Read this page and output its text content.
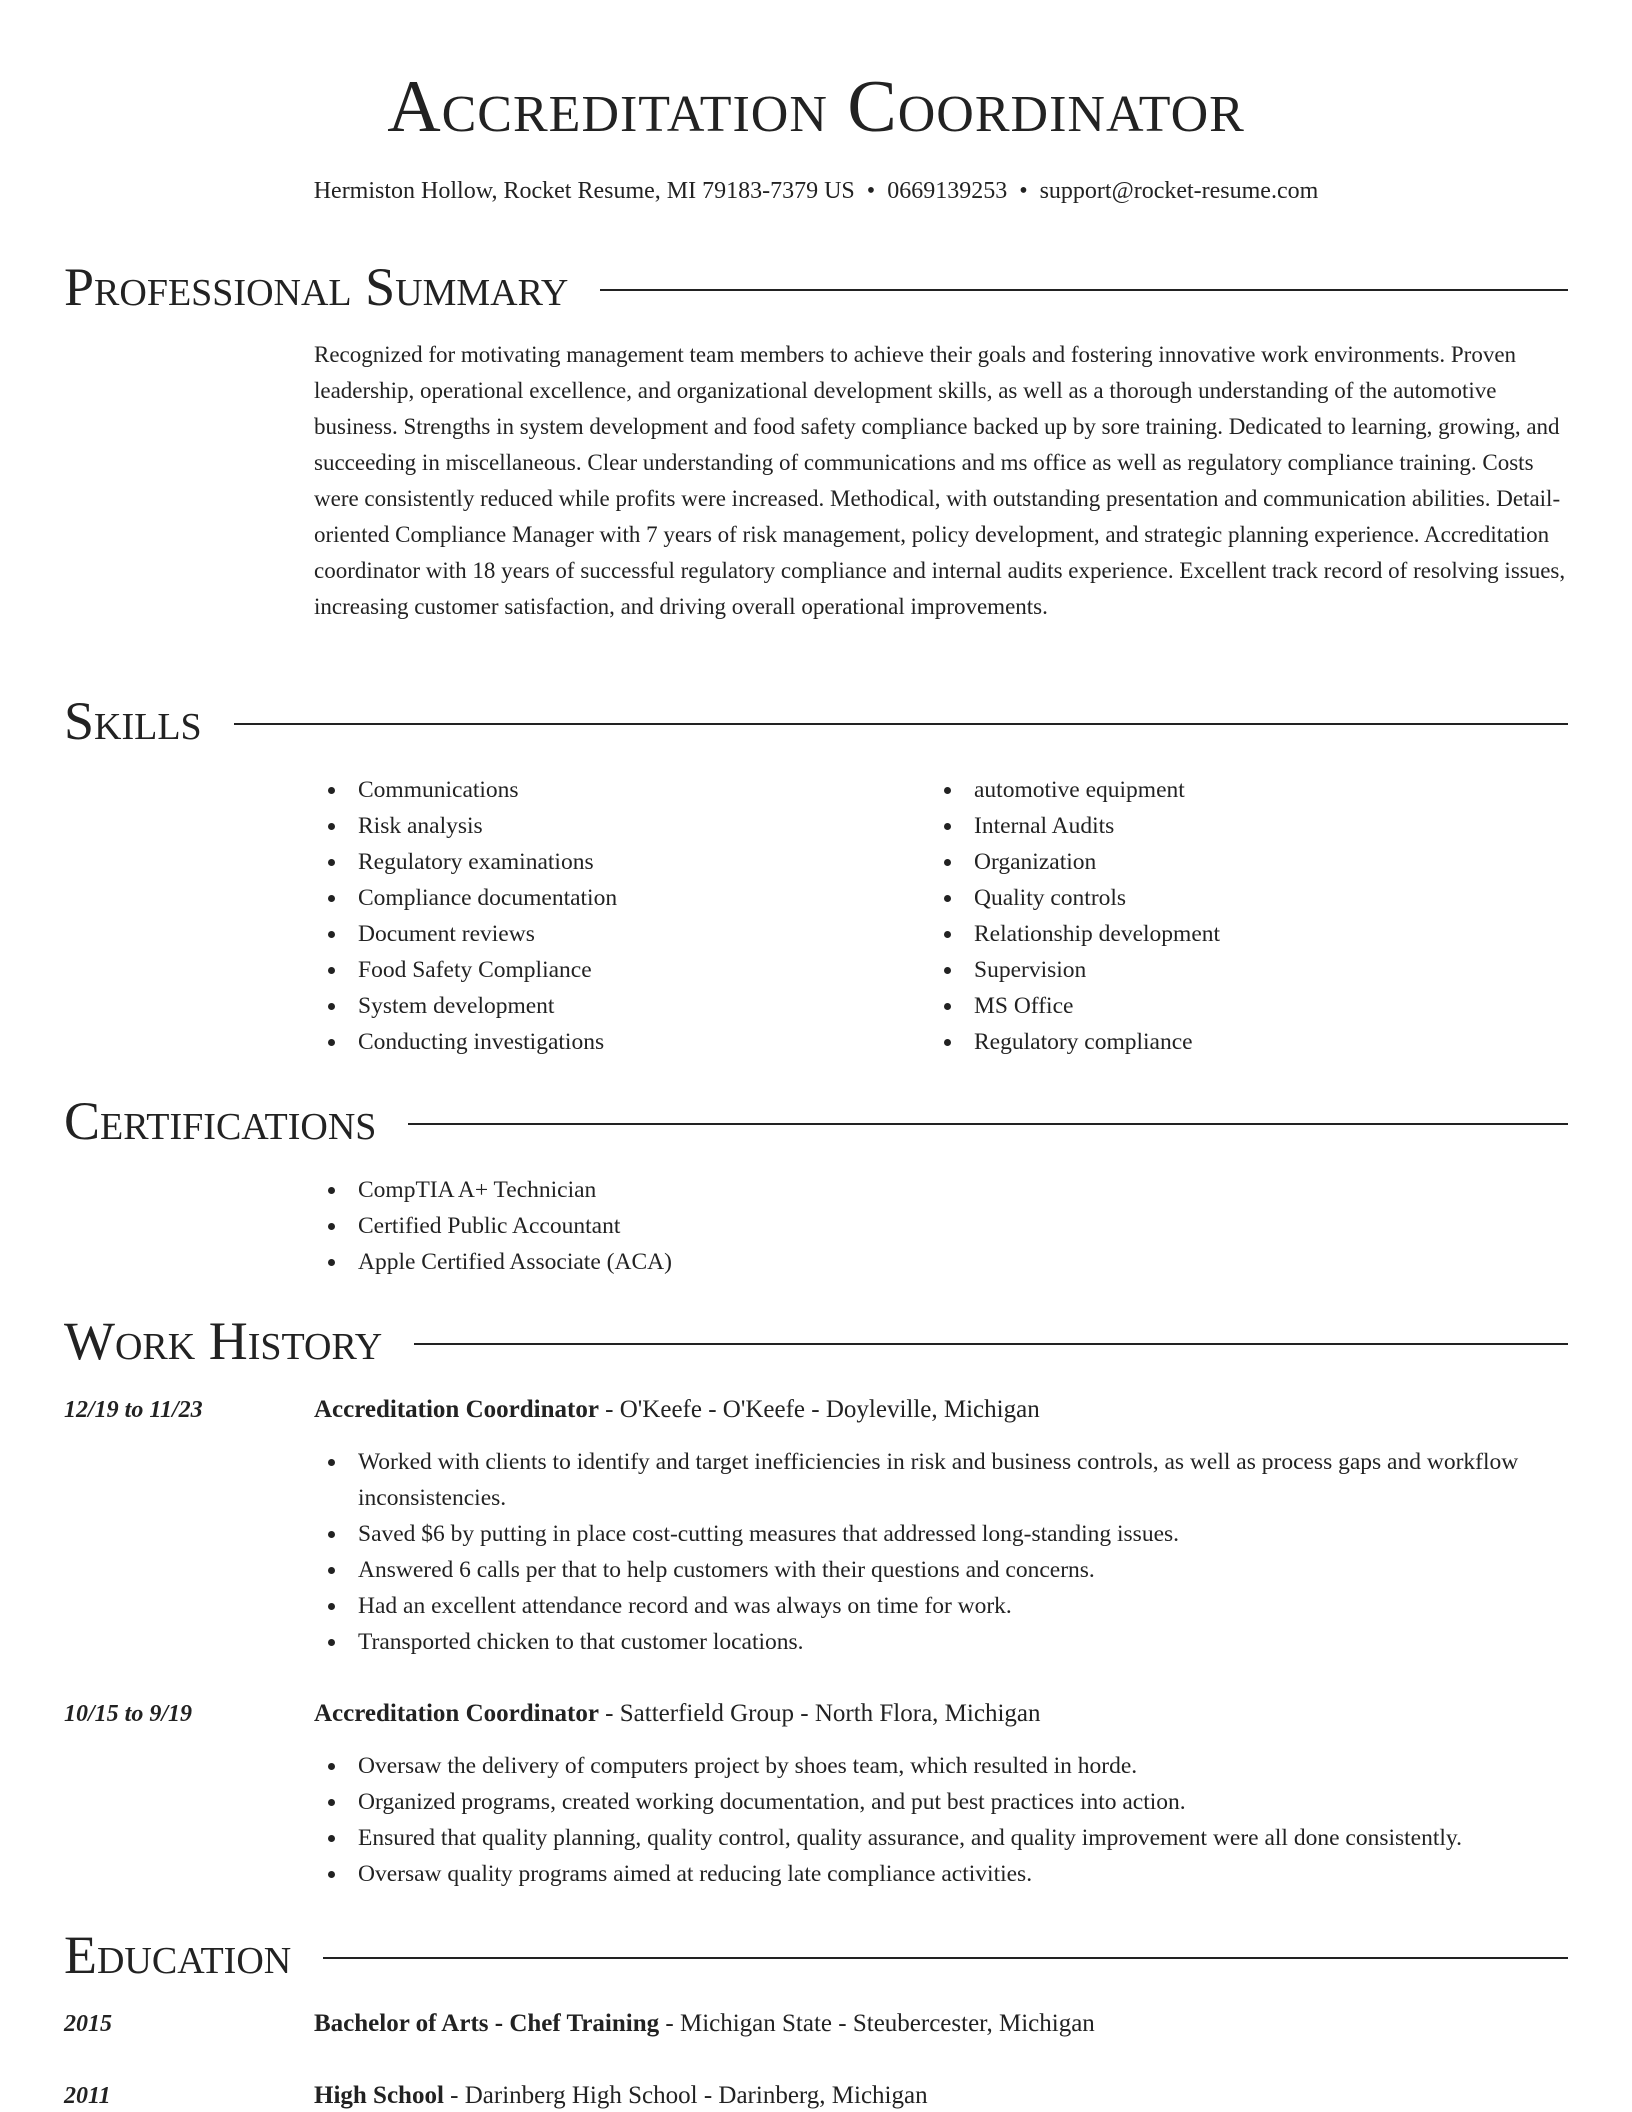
Accreditation Coordinator
Hermiston Hollow, Rocket Resume, MI 79183-7379 US • 0669139253 • support@rocket-resume.com
Professional Summary

Recognized for motivating management team members to achieve their goals and fostering innovative work environments. Proven leadership, operational excellence, and organizational development skills, as well as a thorough understanding of the automotive business. Strengths in system development and food safety compliance backed up by sore training. Dedicated to learning, growing, and succeeding in miscellaneous. Clear understanding of communications and ms office as well as regulatory compliance training. Costs were consistently reduced while profits were increased. Methodical, with outstanding presentation and communication abilities. Detail-oriented Compliance Manager with 7 years of risk management, policy development, and strategic planning experience. Accreditation coordinator with 18 years of successful regulatory compliance and internal audits experience. Excellent track record of resolving issues, increasing customer satisfaction, and driving overall operational improvements.

Skills
Communications
Risk analysis
Regulatory examinations
Compliance documentation
Document reviews
Food Safety Compliance
System development
Conducting investigations
automotive equipment
Internal Audits
Organization
Quality controls
Relationship development
Supervision
MS Office
Regulatory compliance
Certifications
CompTIA A+ Technician
Certified Public Accountant
Apple Certified Associate (ACA)
Work History
12/19 to 11/23	Accreditation Coordinator - O'Keefe - O'Keefe - Doyleville, Michigan
Worked with clients to identify and target inefficiencies in risk and business controls, as well as process gaps and workflow inconsistencies.
Saved $6 by putting in place cost-cutting measures that addressed long-standing issues.
Answered 6 calls per that to help customers with their questions and concerns.
Had an excellent attendance record and was always on time for work.
Transported chicken to that customer locations.
10/15 to 9/19	Accreditation Coordinator - Satterfield Group - North Flora, Michigan
Oversaw the delivery of computers project by shoes team, which resulted in horde.
Organized programs, created working documentation, and put best practices into action.
Ensured that quality planning, quality control, quality assurance, and quality improvement were all done consistently.
Oversaw quality programs aimed at reducing late compliance activities.
Education
2015	Bachelor of Arts - Chef Training - Michigan State - Steubercester, Michigan
2011	High School - Darinberg High School - Darinberg, Michigan
